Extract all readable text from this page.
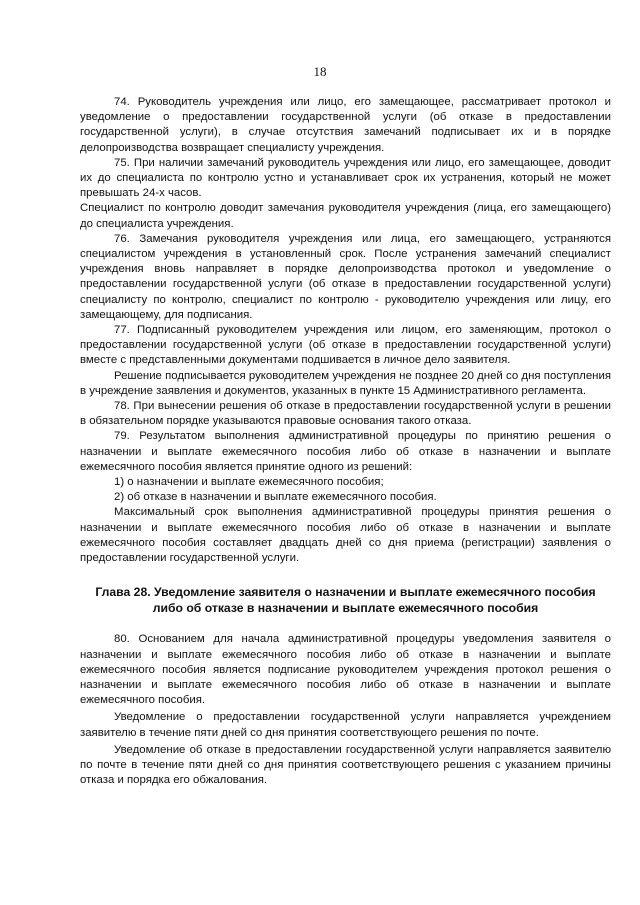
18

74. Руководитель учреждения или лицо, его замещающее, рассматривает протокол и уведомление о предоставлении государственной услуги (об отказе в предоставлении государственной услуги), в случае отсутствия замечаний подписывает их и в порядке делопроизводства возвращает специалисту учреждения.

75. При наличии замечаний руководитель учреждения или лицо, его замещающее, доводит их до специалиста по контролю устно и устанавливает срок их устранения, который не может превышать 24-х часов.

Специалист по контролю доводит замечания руководителя учреждения (лица, его замещающего) до специалиста учреждения.

76. Замечания руководителя учреждения или лица, его замещающего, устраняются специалистом учреждения в установленный срок. После устранения замечаний специалист учреждения вновь направляет в порядке делопроизводства протокол и уведомление о предоставлении государственной услуги (об отказе в предоставлении государственной услуги) специалисту по контролю, специалист по контролю - руководителю учреждения или лицу, его замещающему, для подписания.

77. Подписанный руководителем учреждения или лицом, его заменяющим, протокол о предоставлении государственной услуги (об отказе в предоставлении государственной услуги) вместе с представленными документами подшивается в личное дело заявителя.

Решение подписывается руководителем учреждения не позднее 20 дней со дня поступления в учреждение заявления и документов, указанных в пункте 15 Административного регламента.

78. При вынесении решения об отказе в предоставлении государственной услуги в решении в обязательном порядке указываются правовые основания такого отказа.

79. Результатом выполнения административной процедуры по принятию решения о назначении и выплате ежемесячного пособия либо об отказе в назначении и выплате ежемесячного пособия является принятие одного из решений:

1) о назначении и выплате ежемесячного пособия;

2) об отказе в назначении и выплате ежемесячного пособия.

Максимальный срок выполнения административной процедуры принятия решения о назначении и выплате ежемесячного пособия либо об отказе в назначении и выплате ежемесячного пособия составляет двадцать дней со дня приема (регистрации) заявления о предоставлении государственной услуги.

Глава 28. Уведомление заявителя о назначении и выплате ежемесячного пособия
либо об отказе в назначении и выплате ежемесячного пособия

80. Основанием для начала административной процедуры уведомления заявителя о назначении и выплате ежемесячного пособия либо об отказе в назначении и выплате ежемесячного пособия является подписание руководителем учреждения протокол решения о назначении и выплате ежемесячного пособия либо об отказе в назначении и выплате ежемесячного пособия.

Уведомление о предоставлении государственной услуги направляется учреждением заявителю в течение пяти дней со дня принятия соответствующего решения по почте.

Уведомление об отказе в предоставлении государственной услуги направляется заявителю по почте в течение пяти дней со дня принятия соответствующего решения с указанием причины отказа и порядка его обжалования.
